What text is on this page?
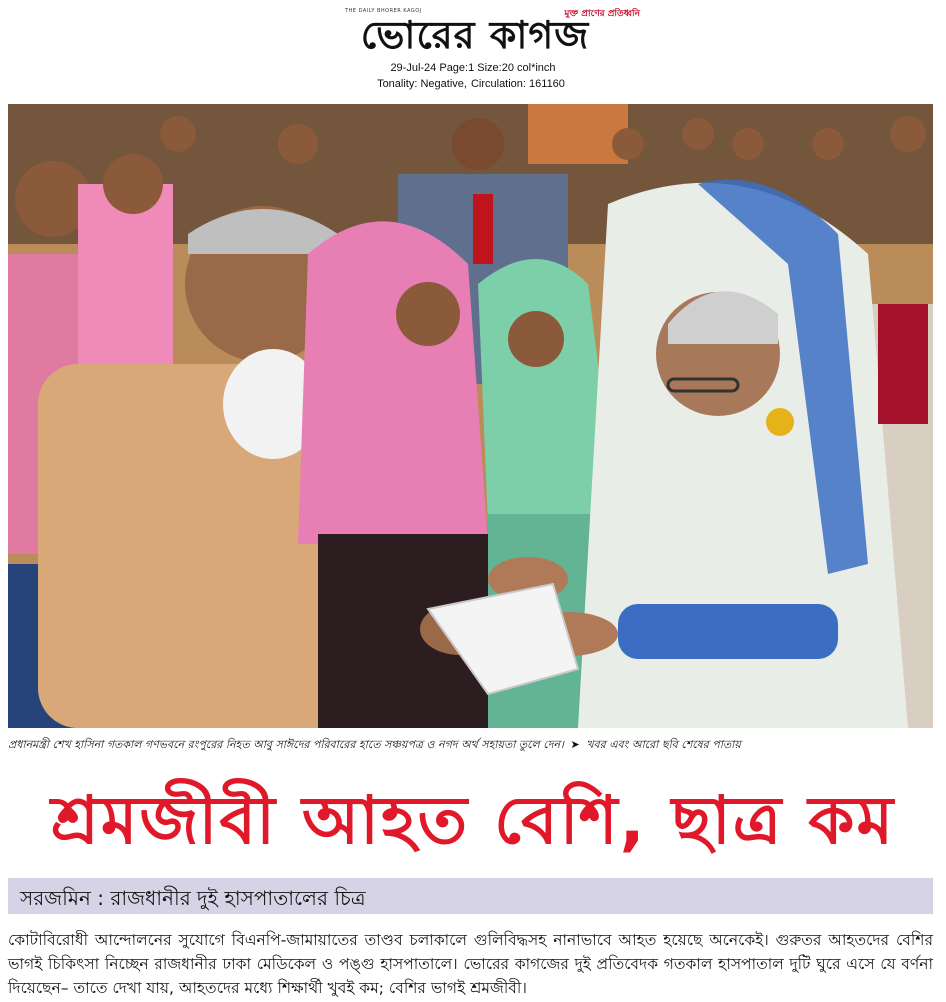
THE DAILY BHORER KAGOJ	মুক্ত প্রাণের প্রতিধ্বনি
ভোরের কাগজ
29-Jul-24 Page:1 Size:20 col*inch
Tonality: Negative, Circulation: 161160
প্রধানমন্ত্রী শেখ হাসিনা গতকাল গণভবনে রংপুরের নিহত আবু সাঈদের পরিবারের হাতে সঞ্চয়পত্র ও নগদ অর্থ সহায়তা তুলে দেন। ➤ খবর এবং আরো ছবি শেষের পাতায়
শ্রমজীবী আহত বেশি, ছাত্র কম
সরজমিন : রাজধানীর দুই হাসপাতালের চিত্র
কোটাবিরোধী আন্দোলনের সুযোগে বিএনপি-জামায়াতের তাণ্ডব চলাকালে গুলিবিদ্ধসহ নানাভাবে আহত হয়েছে অনেকেই। গুরুতর আহতদের বেশির ভাগই চিকিৎসা নিচ্ছেন রাজধানীর ঢাকা মেডিকেল ও পঙ্গু হাসপাতালে। ভোরের কাগজের দুই প্রতিবেদক গতকাল হাসপাতাল দুটি ঘুরে এসে যে বর্ণনা দিয়েছেন– তাতে দেখা যায়, আহতদের মধ্যে শিক্ষার্থী খুবই কম; বেশির ভাগই শ্রমজীবী।
